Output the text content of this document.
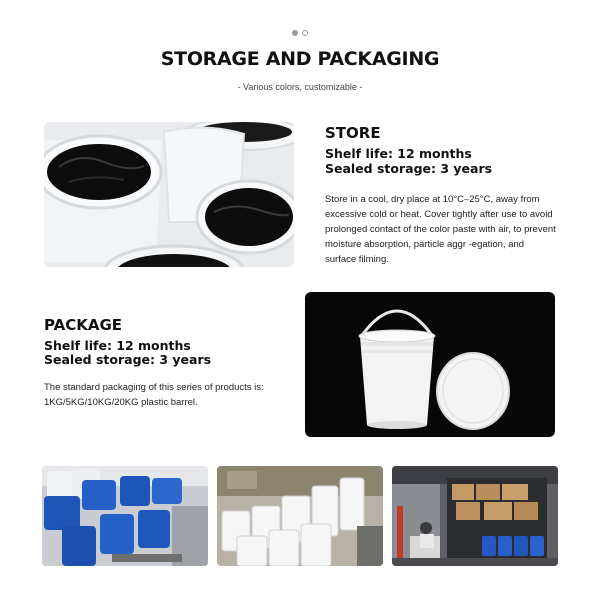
STORAGE AND PACKAGING
- Various colors, customizable -
STORE
Shelf life: 12 months
Sealed storage: 3 years
Store in a cool, dry place at 10°C–25°C, away from excessive cold or heat. Cover tightly after use to avoid prolonged contact of the color paste with air, to prevent moisture absorption, particle aggr -egation, and surface filming.
PACKAGE
Shelf life: 12 months
Sealed storage: 3 years
The standard packaging of this series of products is: 1KG/5KG/10KG/20KG plastic barrel.
